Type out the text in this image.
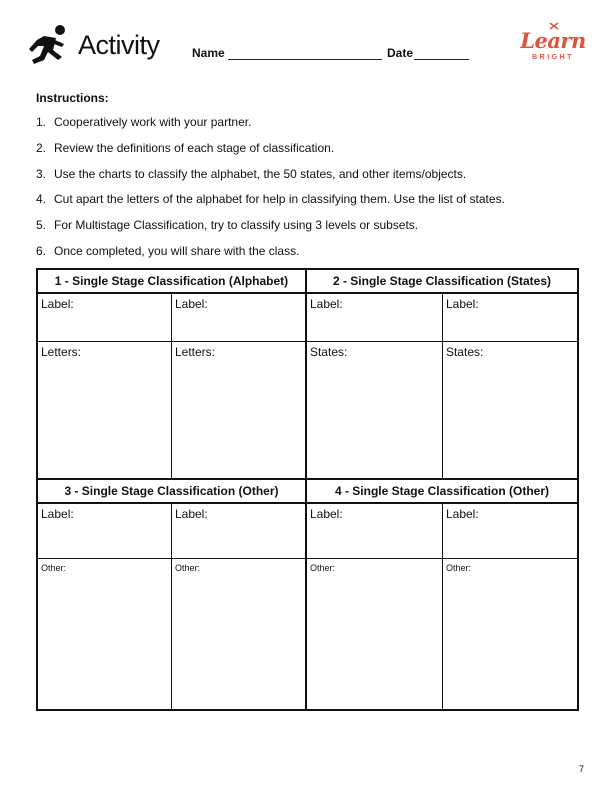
Activity	Name	Date	Learn
BRIGHT
Instructions:
1. Cooperatively work with your partner.
2. Review the definitions of each stage of classification.
3. Use the charts to classify the alphabet, the 50 states, and other items/objects.
4. Cut apart the letters of the alphabet for help in classifying them. Use the list of states.
5. For Multistage Classification, try to classify using 3 levels or subsets.
6. Once completed, you will share with the class.
1 - Single Stage Classification (Alphabet)		2 - Single Stage Classification (States)	

Label:	Label:	Label:	Label:

Letters:	Letters:	States:	States:

3 - Single Stage Classification (Other)		4 - Single Stage Classification (Other)	

Label:	Label:	Label:	Label:

Other:	Other:	Other:	Other:
7
